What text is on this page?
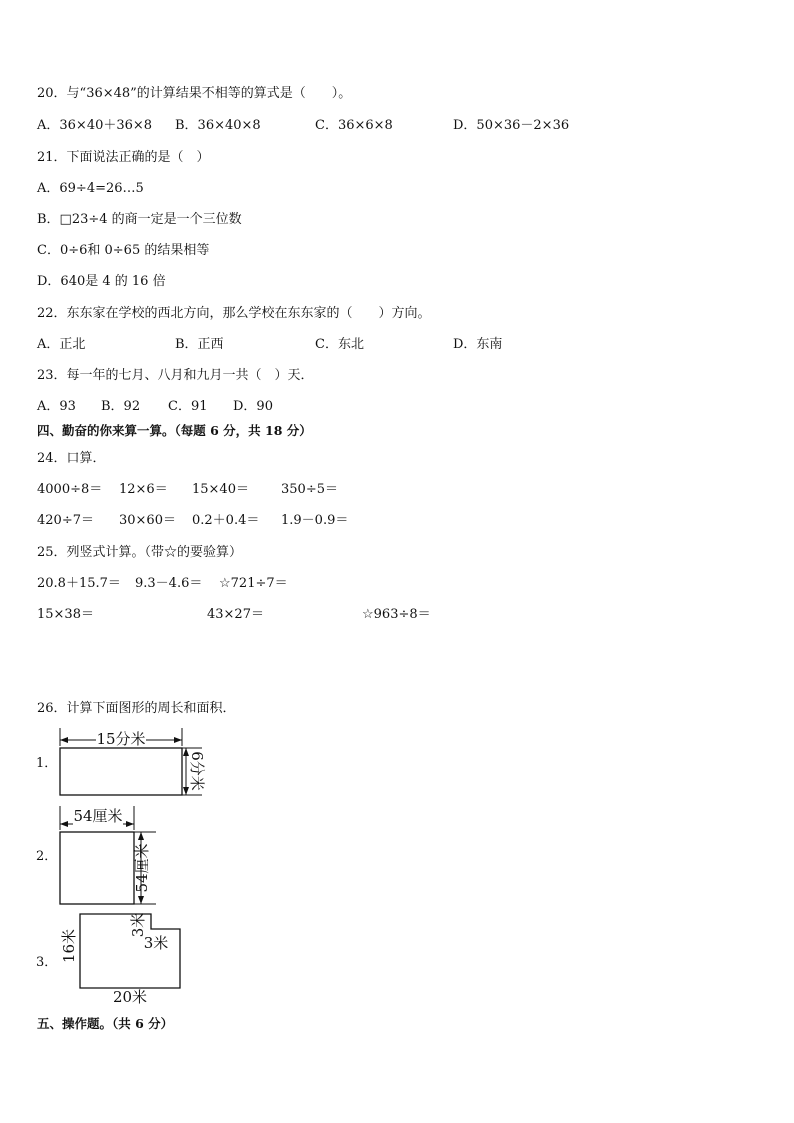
20．与“36×48”的计算结果不相等的算式是（　　）。
A．36×40＋36×8 B．36×40×8	C．36×6×8	D．50×36－2×36
21．下面说法正确的是（　）
A．69÷4=26…5
B．□23÷4 的商一定是一个三位数
C．0÷6和 0÷65 的结果相等
D．640是 4 的 16 倍
22．东东家在学校的西北方向，那么学校在东东家的（　　）方向。
A．正北	B．正西	C．东北	D．东南
23．每一年的七月、八月和九月一共（　）天．
A．93 B．92 C．91 D．90
四、勤奋的你来算一算。（每题 6 分，共 18 分）
24．口算．
4000÷8＝ 12×6＝ 15×40＝ 350÷5＝
420÷7＝ 30×60＝ 0.2＋0.4＝ 1.9－0.9＝
25．列竖式计算。（带☆的要验算）
20.8＋15.7＝ 9.3－4.6＝ ☆721÷7＝
15×38＝	43×27＝	☆963÷8＝
26．计算下面图形的周长和面积．
1．
15分米
6分米
2．
54厘米
54厘米
3． 16米
3米
3米
20米
五、操作题。（共 6 分）
